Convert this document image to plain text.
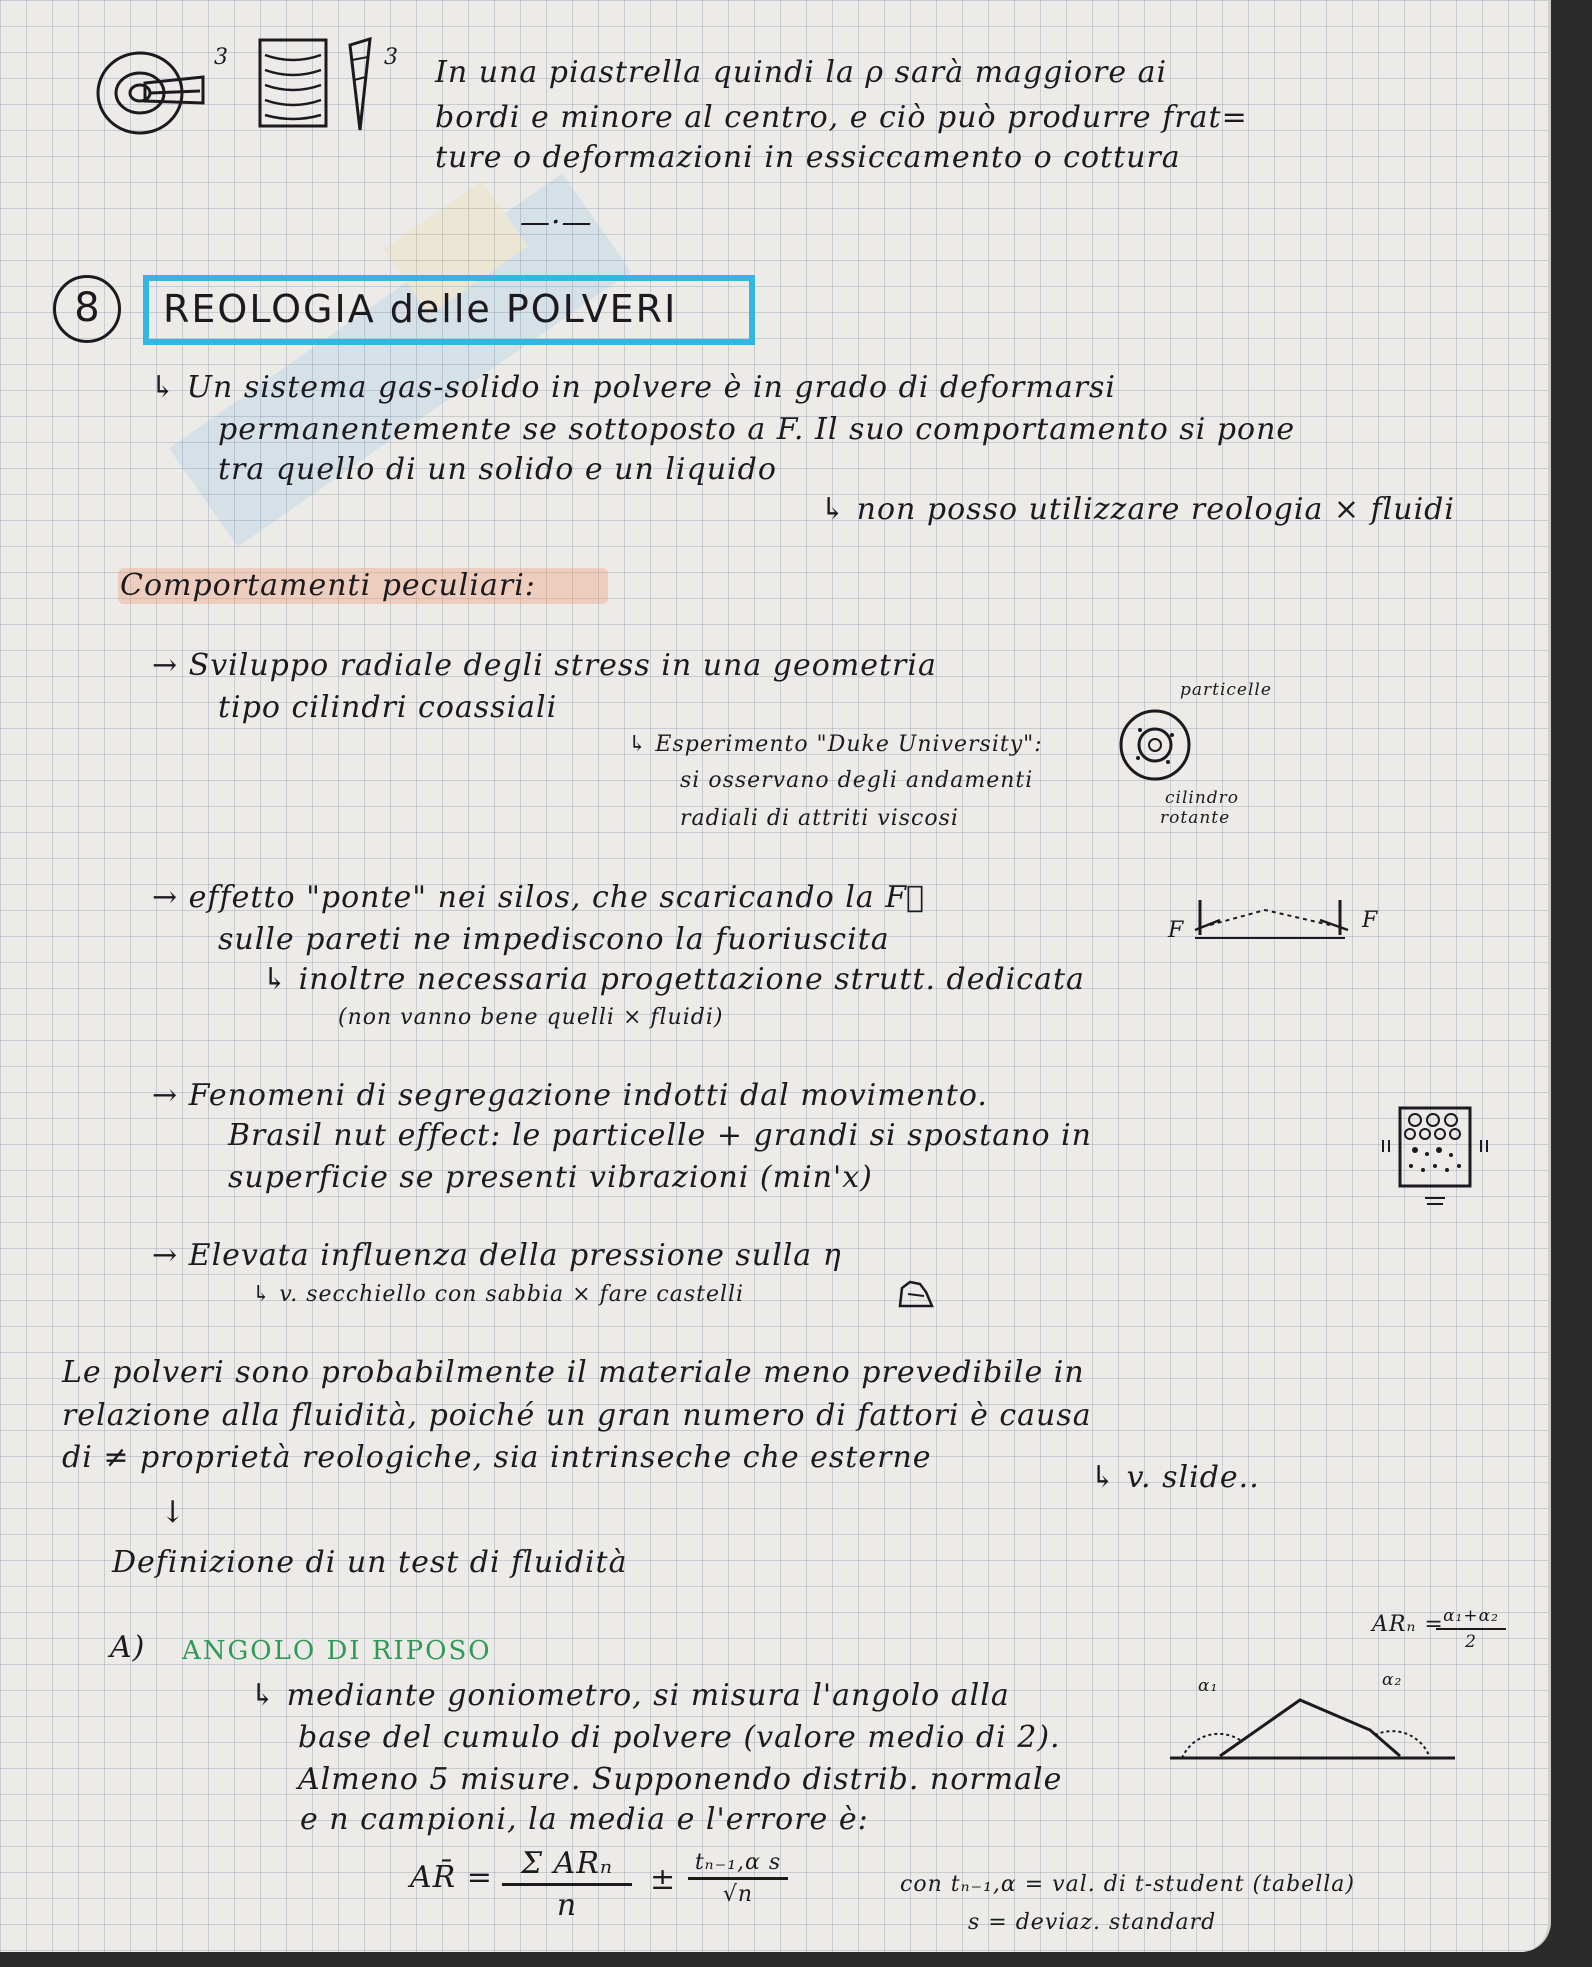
3	3 In una piastrella quindi la ρ sarà maggiore ai
bordi e minore al centro, e ciò può produrre frat=
ture o deformazioni in essiccamento o cottura
—·—
8	REOLOGIA delle POLVERI
↳ Un sistema gas-solido in polvere è in grado di deformarsi
permanentemente se sottoposto a F. Il suo comportamento si pone
tra quello di un solido e un liquido
↳ non posso utilizzare reologia × fluidi
Comportamenti peculiari:
→ Sviluppo radiale degli stress in una geometria
tipo cilindri coassiali
↳ Esperimento "Duke University":
si osservano degli andamenti
radiali di attriti viscosi
particelle
cilindro
rotante
→ effetto "ponte" nei silos, che scaricando la F⃗
sulle pareti ne impediscono la fuoriuscita
↳ inoltre necessaria progettazione strutt. dedicata
(non vanno bene quelli × fluidi)
F	F
→ Fenomeni di segregazione indotti dal movimento.
Brasil nut effect: le particelle + grandi si spostano in
superficie se presenti vibrazioni (min'x)
→ Elevata influenza della pressione sulla η
↳ v. secchiello con sabbia × fare castelli
Le polveri sono probabilmente il materiale meno prevedibile in
relazione alla fluidità, poiché un gran numero di fattori è causa
di ≠ proprietà reologiche, sia intrinseche che esterne
↳ v. slide..
↓
Definizione di un test di fluidità
A) ANGOLO DI RIPOSO
ARₙ = α₁+α₂
2
↳ mediante goniometro, si misura l'angolo alla
base del cumulo di polvere (valore medio di 2).
Almeno 5 misure. Supponendo distrib. normale
e n campioni, la media e l'errore è:
α₁	α₂
AR̄ = Σ ARₙ
n
± tₙ₋₁,α s
√n	con tₙ₋₁,α = val. di t-student (tabella)
s = deviaz. standard
